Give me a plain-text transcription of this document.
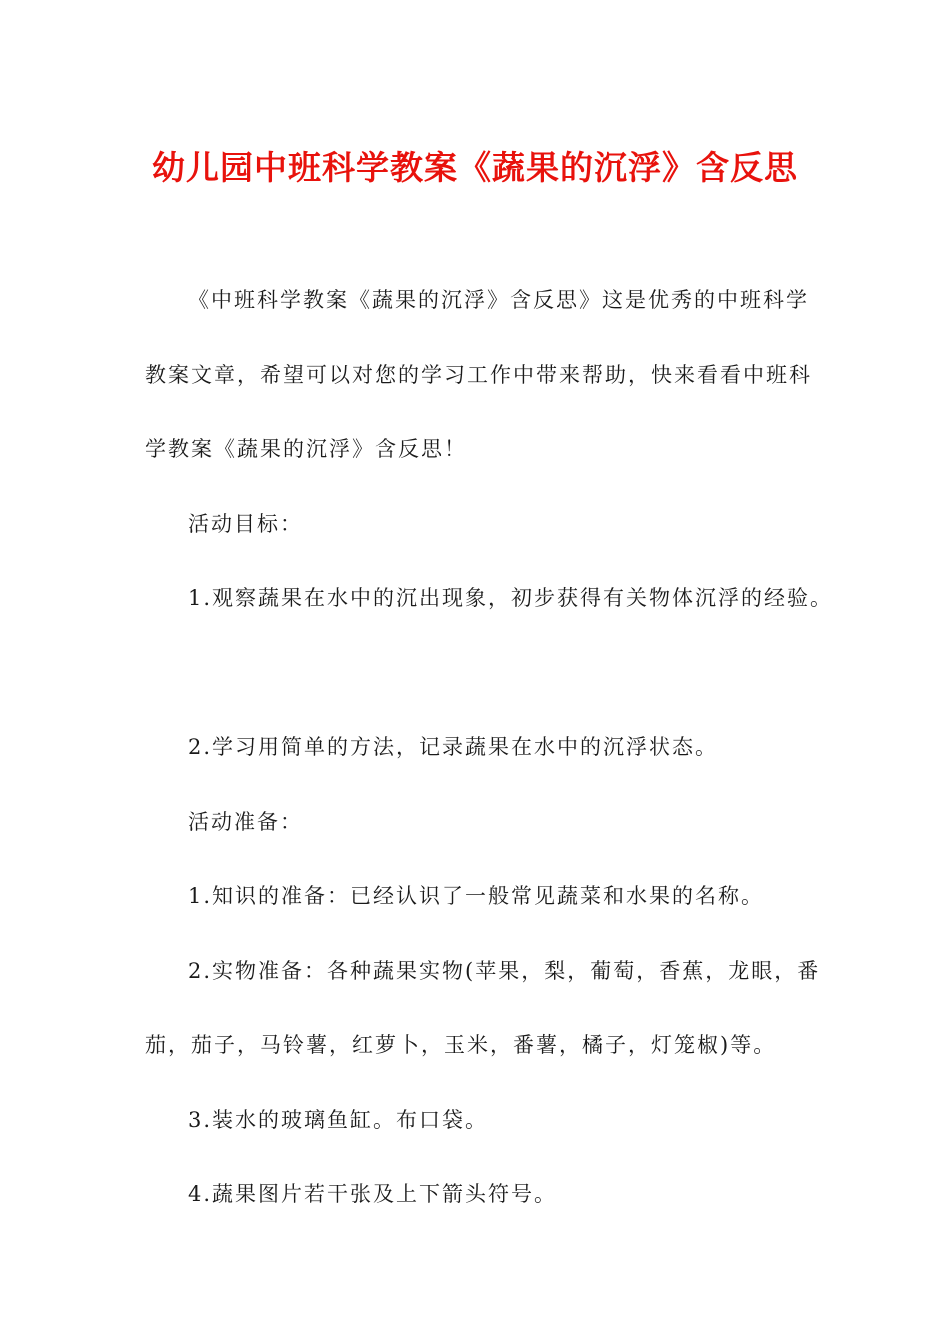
幼儿园中班科学教案《蔬果的沉浮》含反思
《中班科学教案《蔬果的沉浮》含反思》这是优秀的中班科学
教案文章，希望可以对您的学习工作中带来帮助，快来看看中班科
学教案《蔬果的沉浮》含反思！
活动目标：
1.观察蔬果在水中的沉出现象，初步获得有关物体沉浮的经验。
2.学习用简单的方法，记录蔬果在水中的沉浮状态。
活动准备：
1.知识的准备：已经认识了一般常见蔬菜和水果的名称。
2.实物准备：各种蔬果实物(苹果，梨，葡萄，香蕉，龙眼，番
茄，茄子，马铃薯，红萝卜，玉米，番薯，橘子，灯笼椒)等。
3.装水的玻璃鱼缸。布口袋。
4.蔬果图片若干张及上下箭头符号。
